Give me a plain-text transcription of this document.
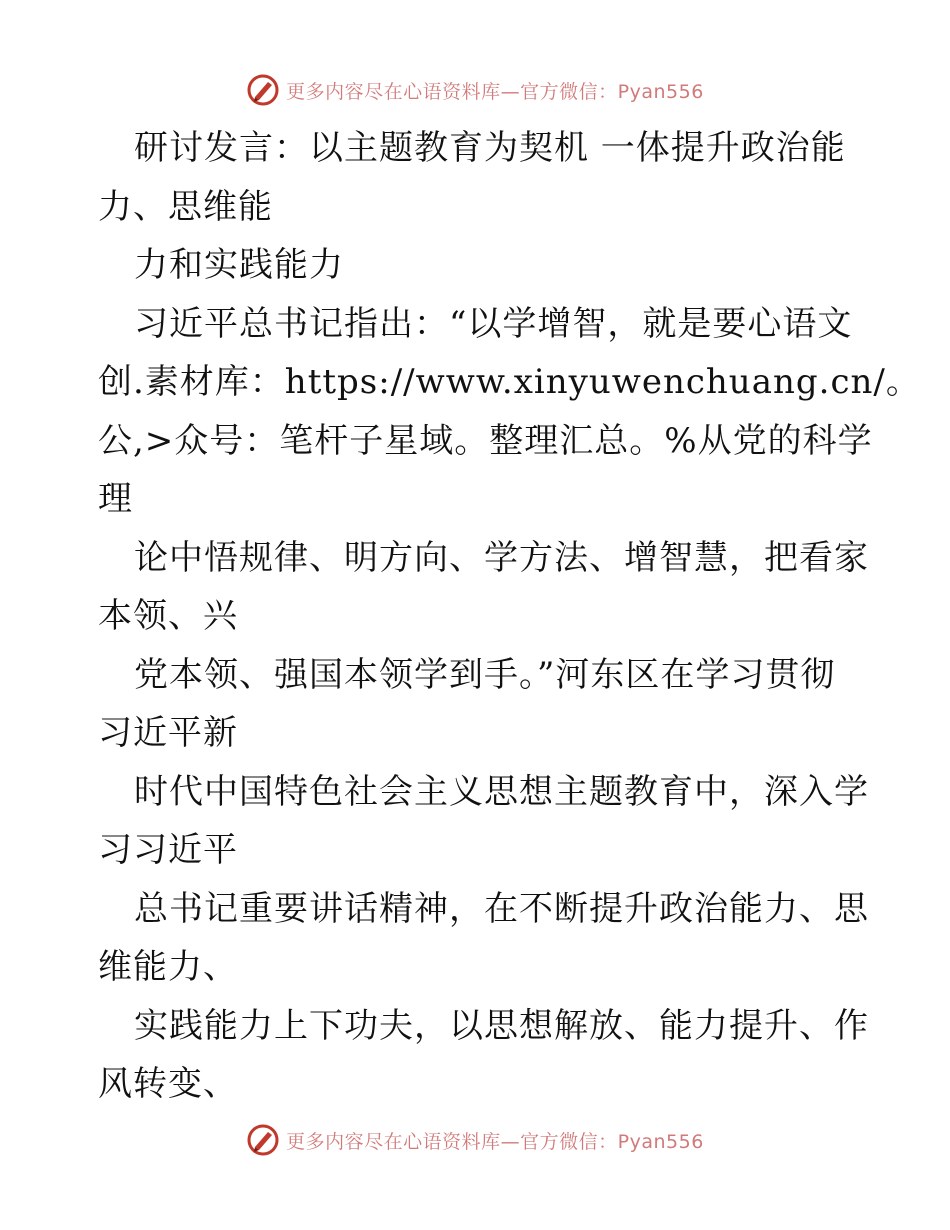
更多内容尽在心语资料库—官方微信：Pyan556
研讨发言：以主题教育为契机 一体提升政治能
力、思维能
力和实践能力
习近平总书记指出：“以学增智，就是要心语文
创.素材库：https://www.xinyuwenchuang.cn/。
公,>众号：笔杆子星域。整理汇总。%从党的科学
理
论中悟规律、明方向、学方法、增智慧，把看家
本领、兴
党本领、强国本领学到手。”河东区在学习贯彻
习近平新
时代中国特色社会主义思想主题教育中，深入学
习习近平
总书记重要讲话精神，在不断提升政治能力、思
维能力、
实践能力上下功夫，以思想解放、能力提升、作
风转变、
更多内容尽在心语资料库—官方微信：Pyan556
